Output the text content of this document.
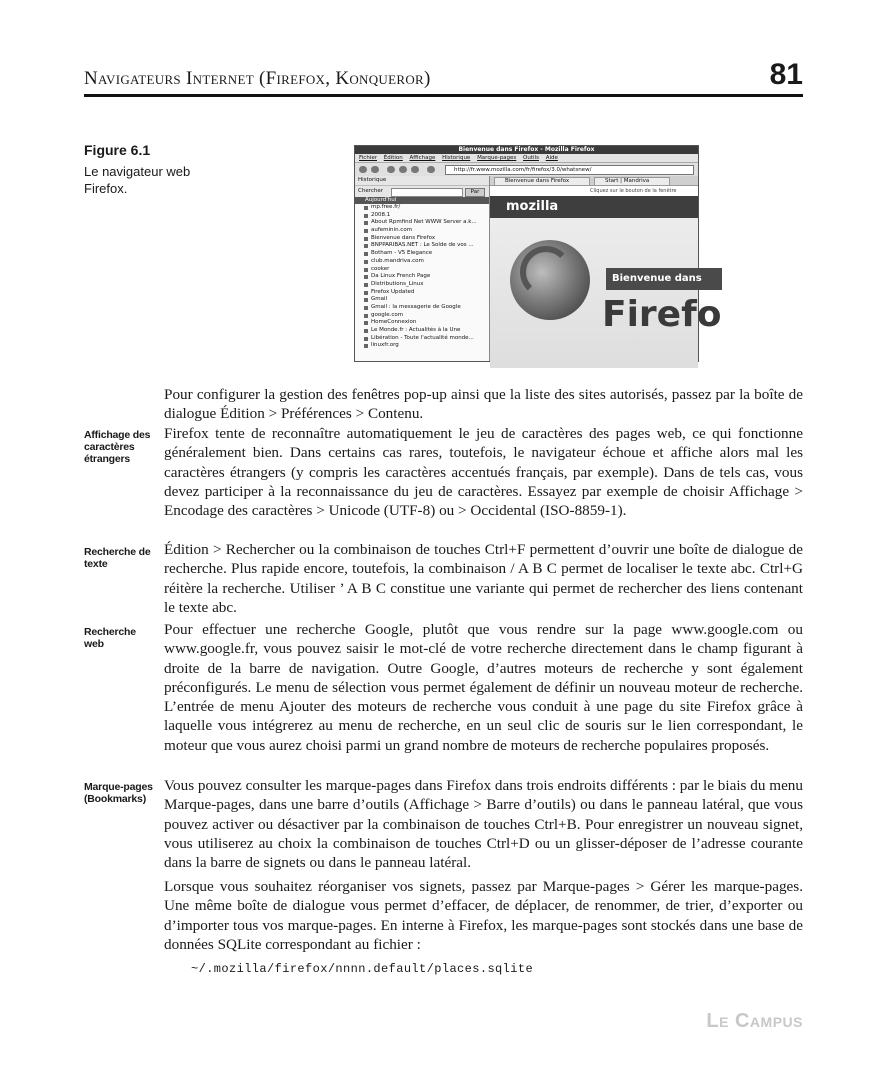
Navigateurs Internet (Firefox, Konqueror)	81
Figure 6.1
Le navigateur web Firefox.
Bienvenue dans Firefox - Mozilla Firefox
Fichier Édition Affichage Historique Marque-pages Outils Aide
http://fr.www.mozilla.com/fr/firefox/3.0/whatsnew/
Historique
Chercher	Par
Aujourd'hui
mp.free.fr/
2008.1
About Rpmfind Net WWW Server a.k...
aufeminin.com
Bienvenue dans Firefox
BNPPARIBAS.NET : Le Solde de vos ...
Botham - V5 Elegance
club.mandriva.com
cooker
Da Linux French Page
Distributions_Linux
Firefox Updated
Gmail
Gmail : la messagerie de Google
google.com
HomeConnexion
Le Monde.fr : Actualités à la Une
Libération - Toute l'actualité monde...
linuxfr.org
Bienvenue dans Firefox	Start | Mandriva
Cliquez sur le bouton de la fenêtre
mozilla
Bienvenue dans
Firefo

Pour configurer la gestion des fenêtres pop-up ainsi que la liste des sites autorisés, passez par la boîte de dialogue Édition > Préférences > Contenu.

Affichage des caractères étrangers

Firefox tente de reconnaître automatiquement le jeu de caractères des pages web, ce qui fonctionne généralement bien. Dans certains cas rares, toutefois, le navigateur échoue et affiche alors mal les caractères étrangers (y compris les caractères accentués français, par exemple). Dans de tels cas, vous devez participer à la reconnaissance du jeu de caractères. Essayez par exemple de choisir Affichage > Encodage des caractères > Unicode (UTF-8) ou > Occidental (ISO-8859-1).

Recherche de texte

Édition > Rechercher ou la combinaison de touches Ctrl+F permettent d’ouvrir une boîte de dialogue de recherche. Plus rapide encore, toutefois, la combinaison / A B C permet de localiser le texte abc. Ctrl+G réitère la recherche. Utiliser ’ A B C constitue une variante qui permet de rechercher des liens contenant le texte abc.

Recherche web

Pour effectuer une recherche Google, plutôt que vous rendre sur la page www.google.com ou www.google.fr, vous pouvez saisir le mot-clé de votre recherche directement dans le champ figurant à droite de la barre de navigation. Outre Google, d’autres moteurs de recherche y sont également préconfigurés. Le menu de sélection vous permet également de définir un nouveau moteur de recherche. L’entrée de menu Ajouter des moteurs de recherche vous conduit à une page du site Firefox grâce à laquelle vous intégrerez au menu de recherche, en un seul clic de souris sur le lien correspondant, le moteur que vous aurez choisi parmi un grand nombre de moteurs de recherche populaires proposés.

Marque-pages (Bookmarks)

Vous pouvez consulter les marque-pages dans Firefox dans trois endroits différents : par le biais du menu Marque-pages, dans une barre d’outils (Affichage > Barre d’outils) ou dans le panneau latéral, que vous pouvez activer ou désactiver par la combinaison de touches Ctrl+B. Pour enregistrer un nouveau signet, vous utiliserez au choix la combinaison de touches Ctrl+D ou un glisser-déposer de l’adresse courante dans la barre de signets ou dans le panneau latéral.

Lorsque vous souhaitez réorganiser vos signets, passez par Marque-pages > Gérer les marque-pages. Une même boîte de dialogue vous permet d’effacer, de déplacer, de renommer, de trier, d’exporter ou d’importer tous vos marque-pages. En interne à Firefox, les marque-pages sont stockés dans une base de données SQLite correspondant au fichier :

~/.mozilla/firefox/nnnn.default/places.sqlite
Le Campus
